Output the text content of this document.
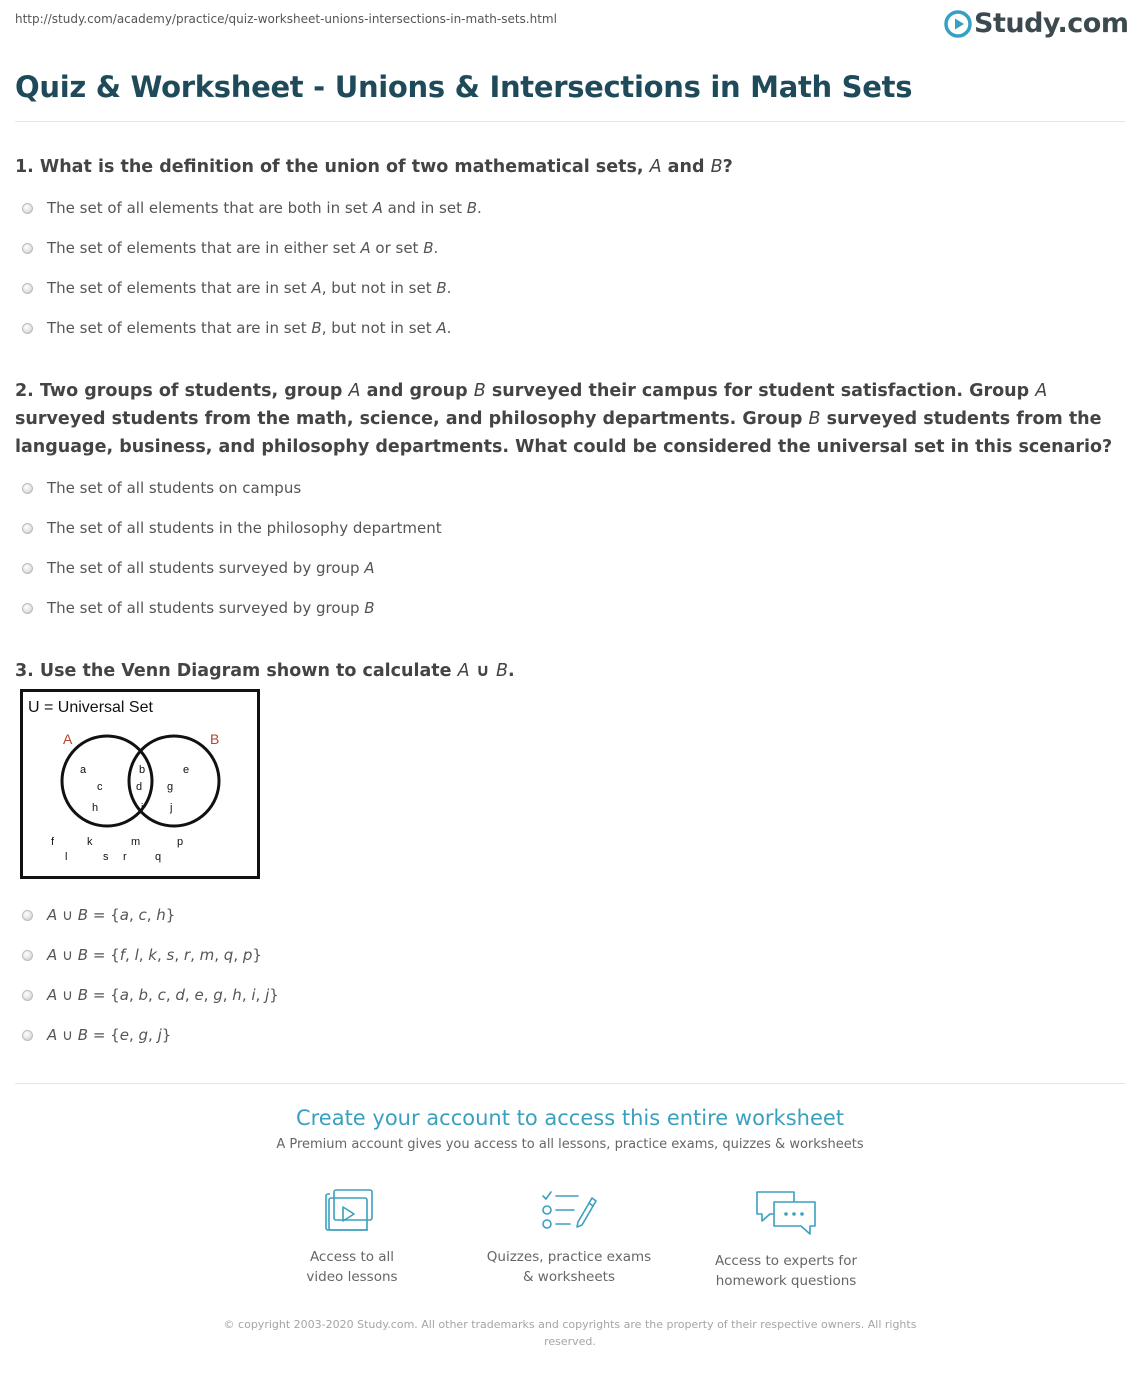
http://study.com/academy/practice/quiz-worksheet-unions-intersections-in-math-sets.html	Study.com
Quiz & Worksheet - Unions & Intersections in Math Sets

1. What is the definition of the union of two mathematical sets, A and B?

The set of all elements that are both in set A and in set B.
The set of elements that are in either set A or set B.
The set of elements that are in set A, but not in set B.
The set of elements that are in set B, but not in set A.

2. Two groups of students, group A and group B surveyed their campus for student satisfaction. Group A surveyed students from the math, science, and philosophy departments. Group B surveyed students from the language, business, and philosophy departments. What could be considered the universal set in this scenario?

The set of all students on campus
The set of all students in the philosophy department
The set of all students surveyed by group A
The set of all students surveyed by group B

3. Use the Venn Diagram shown to calculate A ∪ B.

U = Universal Set
A	B
a
c
h
b
d
i
e
g
j
f	k	m	p
l	s r	q
A ∪ B = {a, c, h}
A ∪ B = {f, l, k, s, r, m, q, p}
A ∪ B = {a, b, c, d, e, g, h, i, j}
A ∪ B = {e, g, j}
Create your account to access this entire worksheet
A Premium account gives you access to all lessons, practice exams, quizzes & worksheets
Access to all
video lessons
Quizzes, practice exams
& worksheets
Access to experts for
homework questions
© copyright 2003-2020 Study.com. All other trademarks and copyrights are the property of their respective owners. All rights reserved.
